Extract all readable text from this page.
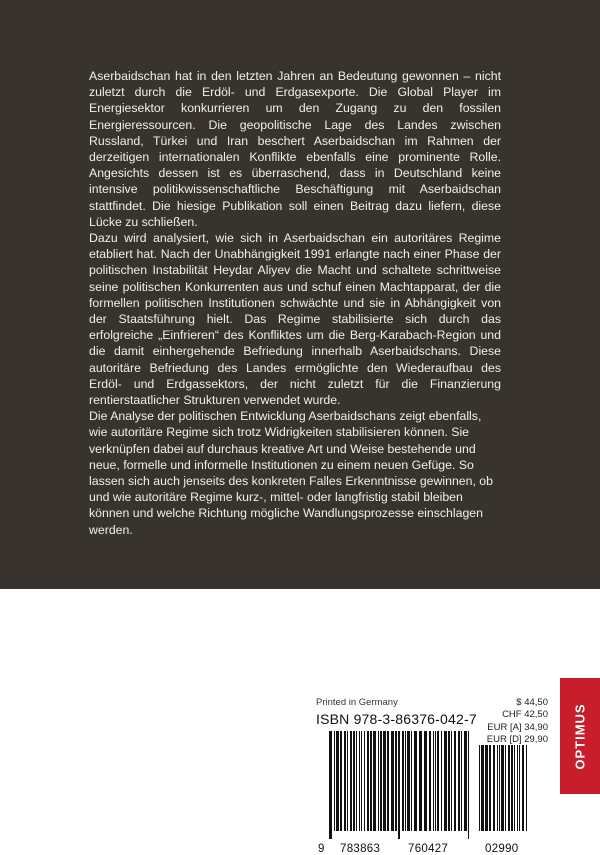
Aserbaidschan hat in den letzten Jahren an Bedeutung gewonnen – nicht zuletzt durch die Erdöl- und Erdgasexporte. Die Global Player im Energiesektor konkurrieren um den Zugang zu den fossilen Energieressourcen. Die geopolitische Lage des Landes zwischen Russland, Türkei und Iran beschert Aserbaidschan im Rahmen der derzeitigen internationalen Konflikte ebenfalls eine prominente Rolle. Angesichts dessen ist es überraschend, dass in Deutschland keine intensive politikwissenschaftliche Beschäftigung mit Aserbaidschan stattfindet. Die hiesige Publikation soll einen Beitrag dazu liefern, diese Lücke zu schließen.

Dazu wird analysiert, wie sich in Aserbaidschan ein autoritäres Regime etabliert hat. Nach der Unabhängigkeit 1991 erlangte nach einer Phase der politischen Instabilität Heydar Aliyev die Macht und schaltete schrittweise seine politischen Konkurrenten aus und schuf einen Machtapparat, der die formellen politischen Institutionen schwächte und sie in Abhängigkeit von der Staatsführung hielt. Das Regime stabilisierte sich durch das erfolgreiche „Einfrieren“ des Konfliktes um die Berg-Karabach-Region und die damit einhergehende Befriedung innerhalb Aserbaidschans. Diese autoritäre Befriedung des Landes ermöglichte den Wiederaufbau des Erdöl- und Erdgassektors, der nicht zuletzt für die Finanzierung rentierstaatlicher Strukturen verwendet wurde.

Die Analyse der politischen Entwicklung Aserbaidschans zeigt ebenfalls, wie autoritäre Regime sich trotz Widrigkeiten stabilisieren können. Sie verknüpfen dabei auf durchaus kreative Art und Weise bestehende und neue, formelle und informelle Institutionen zu einem neuen Gefüge. So lassen sich auch jenseits des konkreten Falles Erkenntnisse gewinnen, ob und wie autoritäre Regime kurz-, mittel- oder langfristig stabil bleiben können und welche Richtung mögliche Wandlungsprozesse einschlagen werden.

Printed in Germany
ISBN 978-3-86376-042-7
$ 44,50
CHF 42,50
EUR [A] 34,90
EUR [D] 29,90
9 783863 760427	02990
OPTIMUS
